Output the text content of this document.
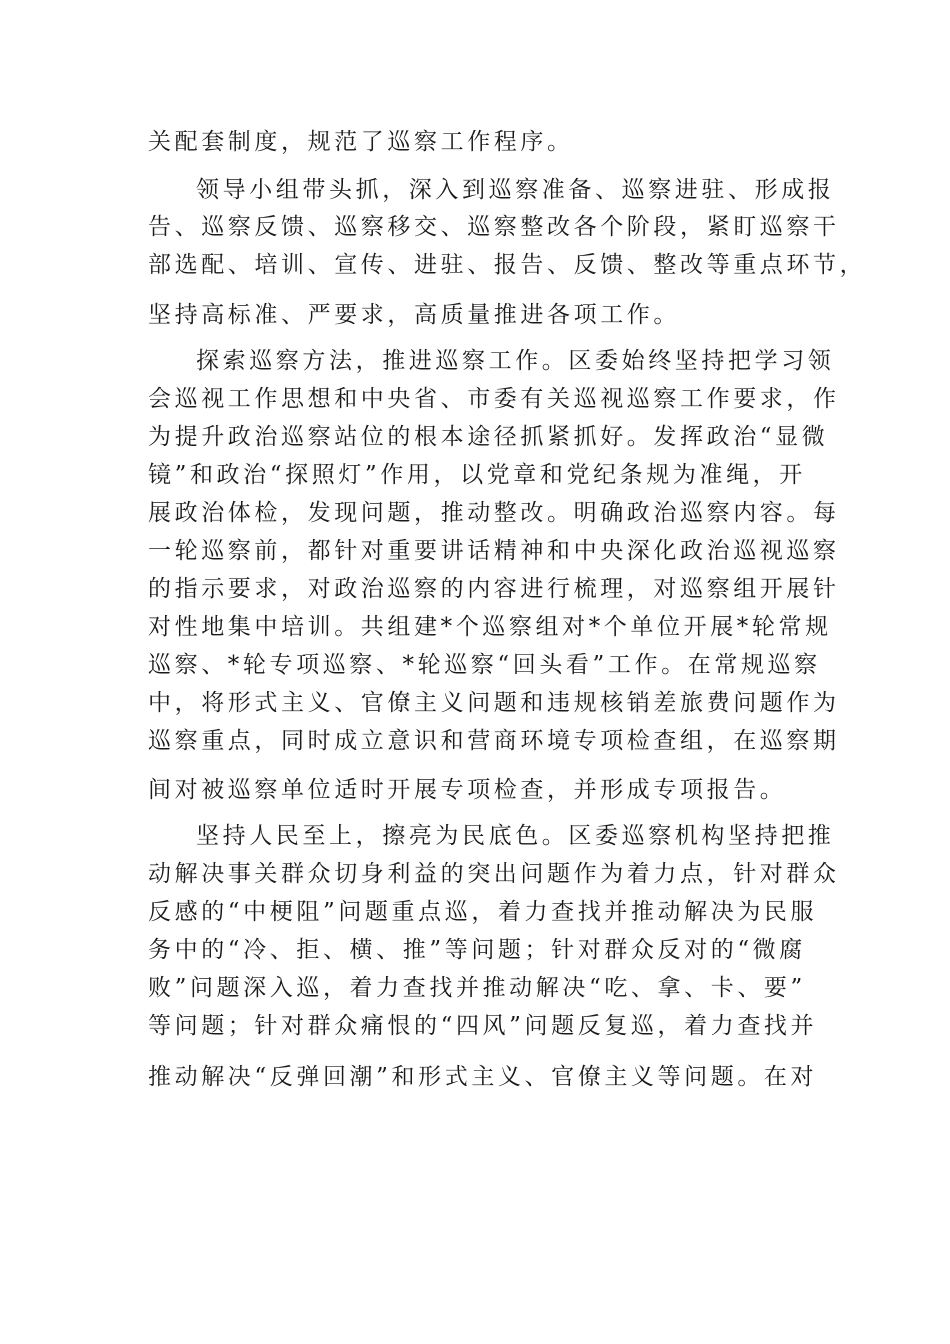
关配套制度，规范了巡察工作程序。
领导小组带头抓，深入到巡察准备、巡察进驻、形成报
告、巡察反馈、巡察移交、巡察整改各个阶段，紧盯巡察干
部选配、培训、宣传、进驻、报告、反馈、整改等重点环节，
坚持高标准、严要求，高质量推进各项工作。
探索巡察方法，推进巡察工作。区委始终坚持把学习领
会巡视工作思想和中央省、市委有关巡视巡察工作要求，作
为提升政治巡察站位的根本途径抓紧抓好。发挥政治“显微
镜”和政治“探照灯”作用，以党章和党纪条规为准绳，开
展政治体检，发现问题，推动整改。明确政治巡察内容。每
一轮巡察前，都针对重要讲话精神和中央深化政治巡视巡察
的指示要求，对政治巡察的内容进行梳理，对巡察组开展针
对性地集中培训。共组建*个巡察组对*个单位开展*轮常规
巡察、*轮专项巡察、*轮巡察“回头看”工作。在常规巡察
中，将形式主义、官僚主义问题和违规核销差旅费问题作为
巡察重点，同时成立意识和营商环境专项检查组，在巡察期
间对被巡察单位适时开展专项检查，并形成专项报告。
坚持人民至上，擦亮为民底色。区委巡察机构坚持把推
动解决事关群众切身利益的突出问题作为着力点，针对群众
反感的“中梗阻”问题重点巡，着力查找并推动解决为民服
务中的“冷、拒、横、推”等问题；针对群众反对的“微腐
败”问题深入巡，着力查找并推动解决“吃、拿、卡、要”
等问题；针对群众痛恨的“四风”问题反复巡，着力查找并
推动解决“反弹回潮”和形式主义、官僚主义等问题。在对
